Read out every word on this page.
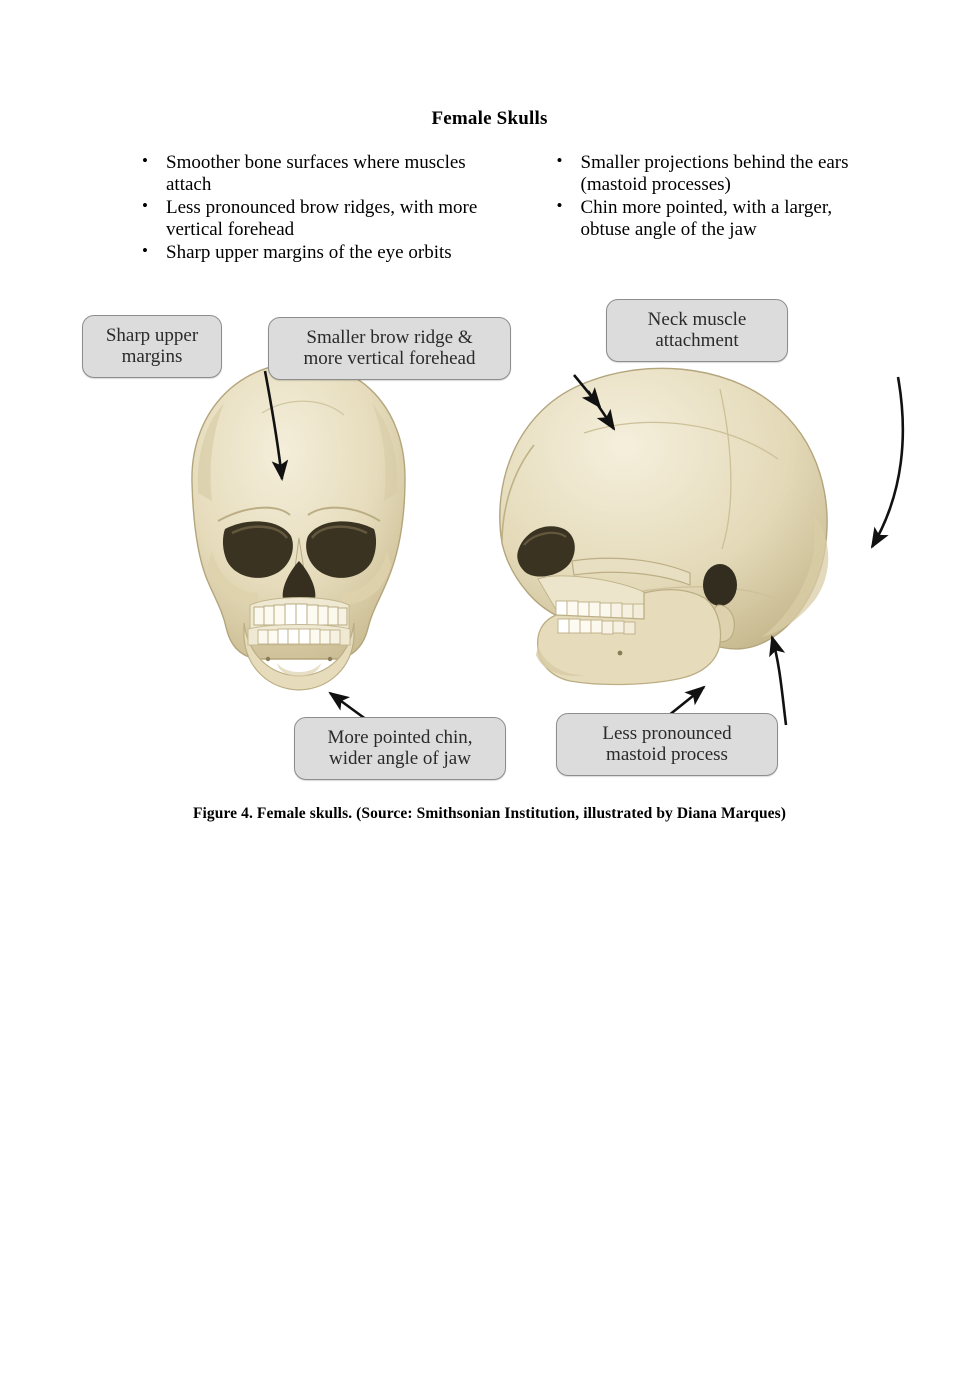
Female Skulls
• Smoother bone surfaces where muscles attach
• Less pronounced brow ridges, with more vertical forehead
• Sharp upper margins of the eye orbits
• Smaller projections behind the ears (mastoid processes)
• Chin more pointed, with a larger, obtuse angle of the jaw
Sharp upper
margins
Smaller brow ridge &
more vertical forehead
Neck muscle
attachment
More pointed chin,
wider angle of jaw
Less pronounced
mastoid process
Figure 4. Female skulls. (Source: Smithsonian Institution, illustrated by Diana Marques)
